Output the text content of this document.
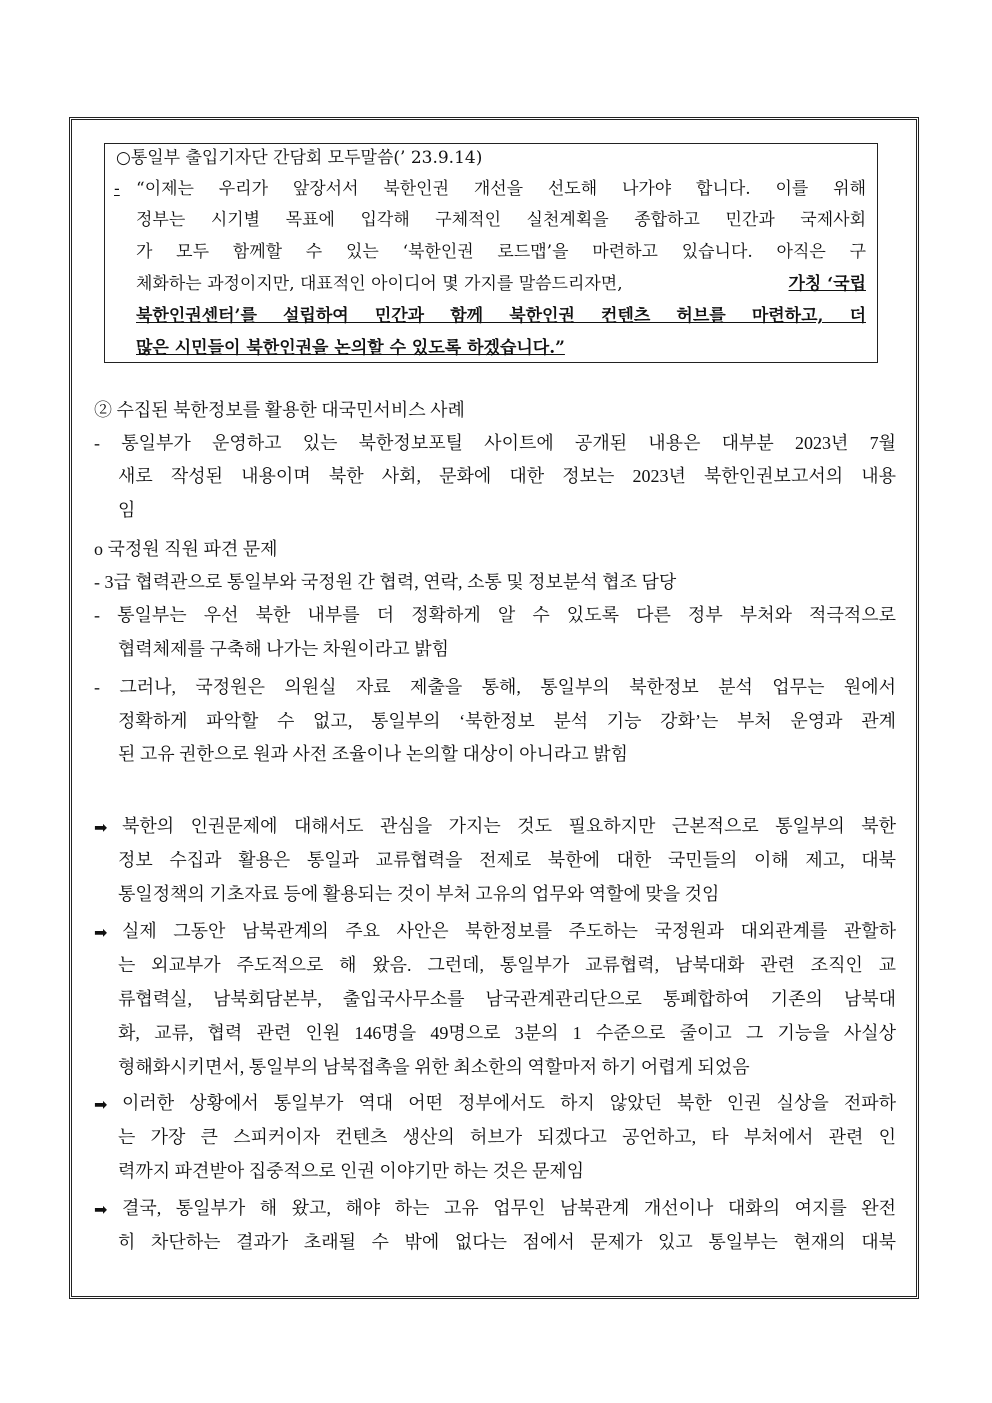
○통일부 출입기자단 간담회 모두말씀(’ 23.9.14)
- “이제는 우리가 앞장서서 북한인권 개선을 선도해 나가야 합니다. 이를 위해
정부는 시기별 목표에 입각해 구체적인 실천계획을 종합하고 민간과 국제사회
가 모두 함께할 수 있는 ‘북한인권 로드맵’을 마련하고 있습니다. 아직은 구
체화하는 과정이지만, 대표적인 아이디어 몇 가지를 말씀드리자면,	가칭 ‘국립
북한인권센터’를 설립하여 민간과 함께 북한인권 컨텐츠 허브를 마련하고, 더
많은 시민들이 북한인권을 논의할 수 있도록 하겠습니다.”
② 수집된 북한정보를 활용한 대국민서비스 사례
- 통일부가 운영하고 있는 북한정보포틸 사이트에 공개된 내용은 대부분 2023년 7월
새로 작성된 내용이며 북한 사회, 문화에 대한 정보는 2023년 북한인권보고서의 내용
임
o 국정원 직원 파견 문제
- 3급 협력관으로 통일부와 국정원 간 협력, 연락, 소통 및 정보분석 협조 담당
- 통일부는 우선 북한 내부를 더 정확하게 알 수 있도록 다른 정부 부처와 적극적으로
협력체제를 구축해 나가는 차원이라고 밝힘
- 그러나, 국정원은 의원실 자료 제출을 통해, 통일부의 북한정보 분석 업무는 원에서
정확하게 파악할 수 없고, 통일부의 ‘북한정보 분석 기능 강화’는 부처 운영과 관계
된 고유 권한으로 원과 사전 조율이나 논의할 대상이 아니라고 밝힘
➡ 북한의 인권문제에 대해서도 관심을 가지는 것도 필요하지만 근본적으로 통일부의 북한
정보 수집과 활용은 통일과 교류협력을 전제로 북한에 대한 국민들의 이해 제고, 대북
통일정책의 기초자료 등에 활용되는 것이 부처 고유의 업무와 역할에 맞을 것임
➡ 실제 그동안 남북관계의 주요 사안은 북한정보를 주도하는 국정원과 대외관계를 관할하
는 외교부가 주도적으로 해 왔음. 그런데, 통일부가 교류협력, 남북대화 관련 조직인 교
류협력실, 남북회담본부, 출입국사무소를 남국관계관리단으로 통폐합하여 기존의 남북대
화, 교류, 협력 관련 인원 146명을 49명으로 3분의 1 수준으로 줄이고 그 기능을 사실상
형해화시키면서, 통일부의 남북접촉을 위한 최소한의 역할마저 하기 어렵게 되었음
➡ 이러한 상황에서 통일부가 역대 어떤 정부에서도 하지 않았던 북한 인권 실상을 전파하
는 가장 큰 스피커이자 컨텐츠 생산의 허브가 되겠다고 공언하고, 타 부처에서 관련 인
력까지 파견받아 집중적으로 인권 이야기만 하는 것은 문제임
➡ 결국, 통일부가 해 왔고, 해야 하는 고유 업무인 남북관계 개선이나 대화의 여지를 완전
히 차단하는 결과가 초래될 수 밖에 없다는 점에서 문제가 있고 통일부는 현재의 대북
